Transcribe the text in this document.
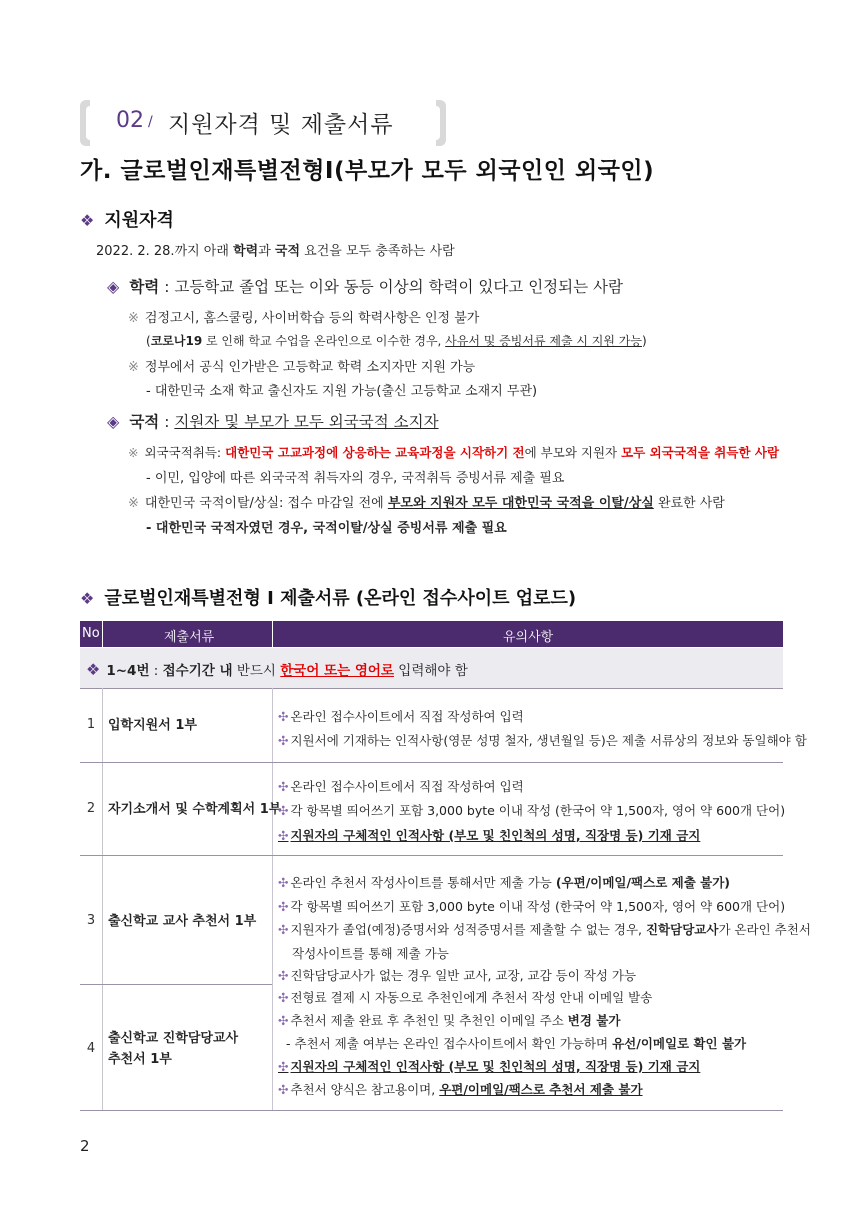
02 / 지원자격 및 제출서류
가. 글로벌인재특별전형Ⅰ(부모가 모두 외국인인 외국인)
❖ 지원자격
2022. 2. 28.까지 아래 학력과 국적 요건을 모두 충족하는 사람
◈ 학력 : 고등학교 졸업 또는 이와 동등 이상의 학력이 있다고 인정되는 사람
※ 검정고시, 홈스쿨링, 사이버학습 등의 학력사항은 인정 불가
(코로나19 로 인해 학교 수업을 온라인으로 이수한 경우, 사유서 및 증빙서류 제출 시 지원 가능)
※ 정부에서 공식 인가받은 고등학교 학력 소지자만 지원 가능
- 대한민국 소재 학교 출신자도 지원 가능(출신 고등학교 소재지 무관)
◈ 국적 : 지원자 및 부모가 모두 외국국적 소지자
※ 외국국적취득: 대한민국 고교과정에 상응하는 교육과정을 시작하기 전에 부모와 지원자 모두 외국국적을 취득한 사람
- 이민, 입양에 따른 외국국적 취득자의 경우, 국적취득 증빙서류 제출 필요
※ 대한민국 국적이탈/상실: 접수 마감일 전에 부모와 지원자 모두 대한민국 국적을 이탈/상실 완료한 사람
- 대한민국 국적자였던 경우, 국적이탈/상실 증빙서류 제출 필요
❖ 글로벌인재특별전형 Ⅰ 제출서류 (온라인 접수사이트 업로드)
No	제출서류	유의사항
❖ 1~4번 : 접수기간 내 반드시 한국어 또는 영어로 입력해야 함
1 입학지원서 1부
✣ 온라인 접수사이트에서 직접 작성하여 입력
✣ 지원서에 기재하는 인적사항(영문 성명 철자, 생년월일 등)은 제출 서류상의 정보와 동일해야 함
2 자기소개서 및 수학계획서 1부
✣ 온라인 접수사이트에서 직접 작성하여 입력
✣ 각 항목별 띄어쓰기 포함 3,000 byte 이내 작성 (한국어 약 1,500자, 영어 약 600개 단어)
✣ 지원자의 구체적인 인적사항 (부모 및 친인척의 성명, 직장명 등) 기재 금지
3 출신학교 교사 추천서 1부
✣ 온라인 추천서 작성사이트를 통해서만 제출 가능 (우편/이메일/팩스로 제출 불가)
✣ 각 항목별 띄어쓰기 포함 3,000 byte 이내 작성 (한국어 약 1,500자, 영어 약 600개 단어)
✣ 지원자가 졸업(예정)증명서와 성적증명서를 제출할 수 없는 경우, 진학담당교사가 온라인 추천서
작성사이트를 통해 제출 가능
✣ 진학담당교사가 없는 경우 일반 교사, 교장, 교감 등이 작성 가능
4
출신학교 진학담당교사
추천서 1부
✣ 전형료 결제 시 자동으로 추천인에게 추천서 작성 안내 이메일 발송
✣ 추천서 제출 완료 후 추천인 및 추천인 이메일 주소 변경 불가
- 추천서 제출 여부는 온라인 접수사이트에서 확인 가능하며 유선/이메일로 확인 불가
✣ 지원자의 구체적인 인적사항 (부모 및 친인척의 성명, 직장명 등) 기재 금지
✣ 추천서 양식은 참고용이며, 우편/이메일/팩스로 추천서 제출 불가
2
